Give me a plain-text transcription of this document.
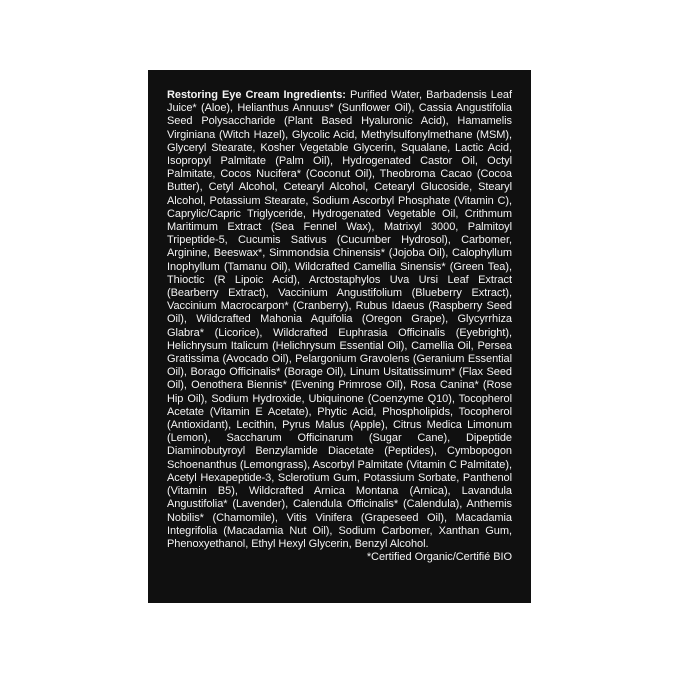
Restoring Eye Cream Ingredients: Purified Water, Barbadensis Leaf Juice* (Aloe), Helianthus Annuus* (Sunflower Oil), Cassia Angustifolia Seed Polysaccharide (Plant Based Hyaluronic Acid), Hamamelis Virginiana (Witch Hazel), Glycolic Acid, Methylsulfonylmethane (MSM), Glyceryl Stearate, Kosher Vegetable Glycerin, Squalane, Lactic Acid, Isopropyl Palmitate (Palm Oil), Hydrogenated Castor Oil, Octyl Palmitate, Cocos Nucifera* (Coconut Oil), Theobroma Cacao (Cocoa Butter), Cetyl Alcohol, Cetearyl Alcohol, Cetearyl Glucoside, Stearyl Alcohol, Potassium Stearate, Sodium Ascorbyl Phosphate (Vitamin C), Caprylic/Capric Triglyceride, Hydrogenated Vegetable Oil, Crithmum Maritimum Extract (Sea Fennel Wax), Matrixyl 3000, Palmitoyl Tripeptide-5, Cucumis Sativus (Cucumber Hydrosol), Carbomer, Arginine, Beeswax*, Simmondsia Chinensis* (Jojoba Oil), Calophyllum Inophyllum (Tamanu Oil), Wildcrafted Camellia Sinensis* (Green Tea), Thioctic (R Lipoic Acid), Arctostaphylos Uva Ursi Leaf Extract (Bearberry Extract), Vaccinium Angustifolium (Blueberry Extract), Vaccinium Macrocarpon* (Cranberry), Rubus Idaeus (Raspberry Seed Oil), Wildcrafted Mahonia Aquifolia (Oregon Grape), Glycyrrhiza Glabra* (Licorice), Wildcrafted Euphrasia Officinalis (Eyebright), Helichrysum Italicum (Helichrysum Essential Oil), Camellia Oil, Persea Gratissima (Avocado Oil), Pelargonium Gravolens (Geranium Essential Oil), Borago Officinalis* (Borage Oil), Linum Usitatissimum* (Flax Seed Oil), Oenothera Biennis* (Evening Primrose Oil), Rosa Canina* (Rose Hip Oil), Sodium Hydroxide, Ubiquinone (Coenzyme Q10), Tocopherol Acetate (Vitamin E Acetate), Phytic Acid, Phospholipids, Tocopherol (Antioxidant), Lecithin, Pyrus Malus (Apple), Citrus Medica Limonum (Lemon), Saccharum Officinarum (Sugar Cane), Dipeptide Diaminobutyroyl Benzylamide Diacetate (Peptides), Cymbopogon Schoenanthus (Lemongrass), Ascorbyl Palmitate (Vitamin C Palmitate), Acetyl Hexapeptide-3, Sclerotium Gum, Potassium Sorbate, Panthenol (Vitamin B5), Wildcrafted Arnica Montana (Arnica), Lavandula Angustifolia* (Lavender), Calendula Officinalis* (Calendula), Anthemis Nobilis* (Chamomile), Vitis Vinifera (Grapeseed Oil), Macadamia Integrifolia (Macadamia Nut Oil), Sodium Carbomer, Xanthan Gum, Phenoxyethanol, Ethyl Hexyl Glycerin, Benzyl Alcohol.
*Certified Organic/Certifié BIO
